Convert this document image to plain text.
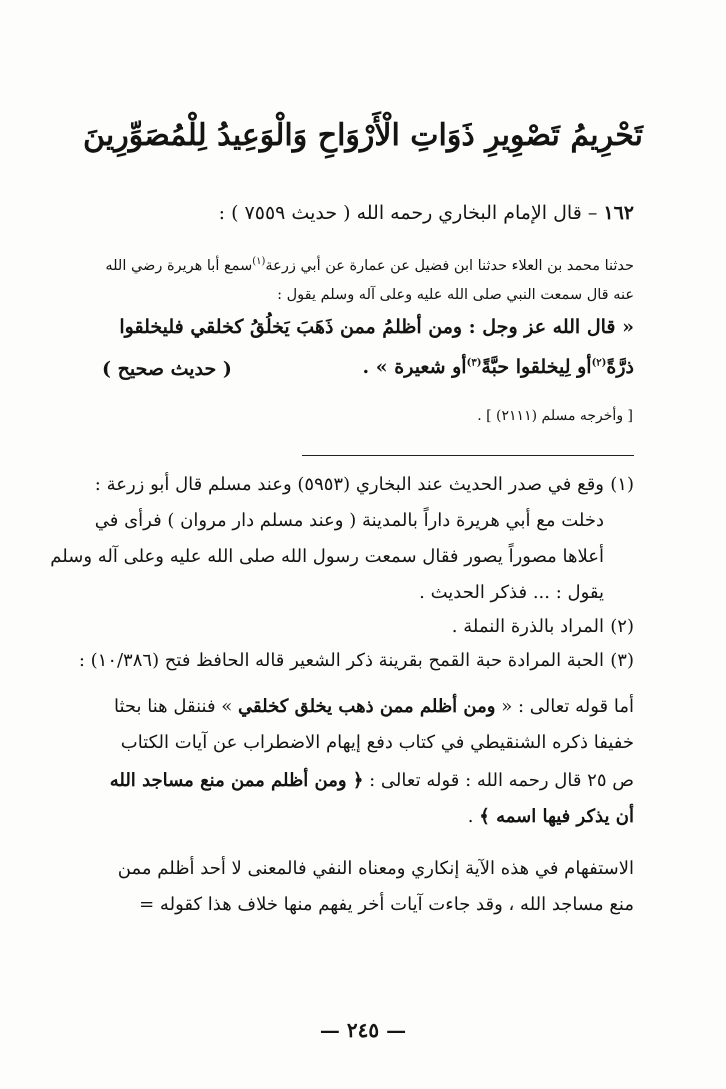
تَحْرِيمُ تَصْوِيرِ ذَوَاتِ الْأَرْوَاحِ وَالْوَعِيدُ لِلْمُصَوِّرِينَ
١٦٢ – قال الإمام البخاري رحمه الله ( حديث ٧٥٥٩ ) :
حدثنا محمد بن العلاء حدثنا ابن فضيل عن عمارة عن أبي زرعة$^{(١)}$سمع أبا هريرة رضي الله
عنه قال سمعت النبي صلى الله عليه وعلى آله وسلم يقول :
« قال الله عز وجل : ومن أظلمُ ممن ذَهَبَ يَخلُقُ كخلقي فليخلقوا
ذرَّةً$^{(٢)}$أو لِيخلقوا حبَّةً$^{(٣)}$أو شعيرة » .
( حديث صحيح )
[ وأخرجه مسلم (٢١١١) ] .
(١)وقع في صدر الحديث عند البخاري (٥٩٥٣) وعند مسلم قال أبو زرعة :
دخلت مع أبي هريرة داراً بالمدينة ( وعند مسلم دار مروان ) فرأى في
أعلاها مصوراً يصور فقال سمعت رسول الله صلى الله عليه وعلى آله وسلم
يقول : ... فذكر الحديث .
(٢)المراد بالذرة النملة .
(٣)الحبة المرادة حبة القمح بقرينة ذكر الشعير قاله الحافظ فتح (١٠/٣٨٦) :
أما قوله تعالى : « ومن أظلم ممن ذهب يخلق كخلقي » فننقل هنا بحثا
خفيفا ذكره الشنقيطي في كتاب دفع إيهام الاضطراب عن آيات الكتاب
ص ٢٥ قال رحمه الله : قوله تعالى : ﴿ ومن أظلم ممن منع مساجد الله
أن يذكر فيها اسمه ﴾ .
الاستفهام في هذه الآية إنكاري ومعناه النفي فالمعنى لا أحد أظلم ممن
منع مساجد الله ، وقد جاءت آيات أخر يفهم منها خلاف هذا كقوله =
— ٢٤٥ —
